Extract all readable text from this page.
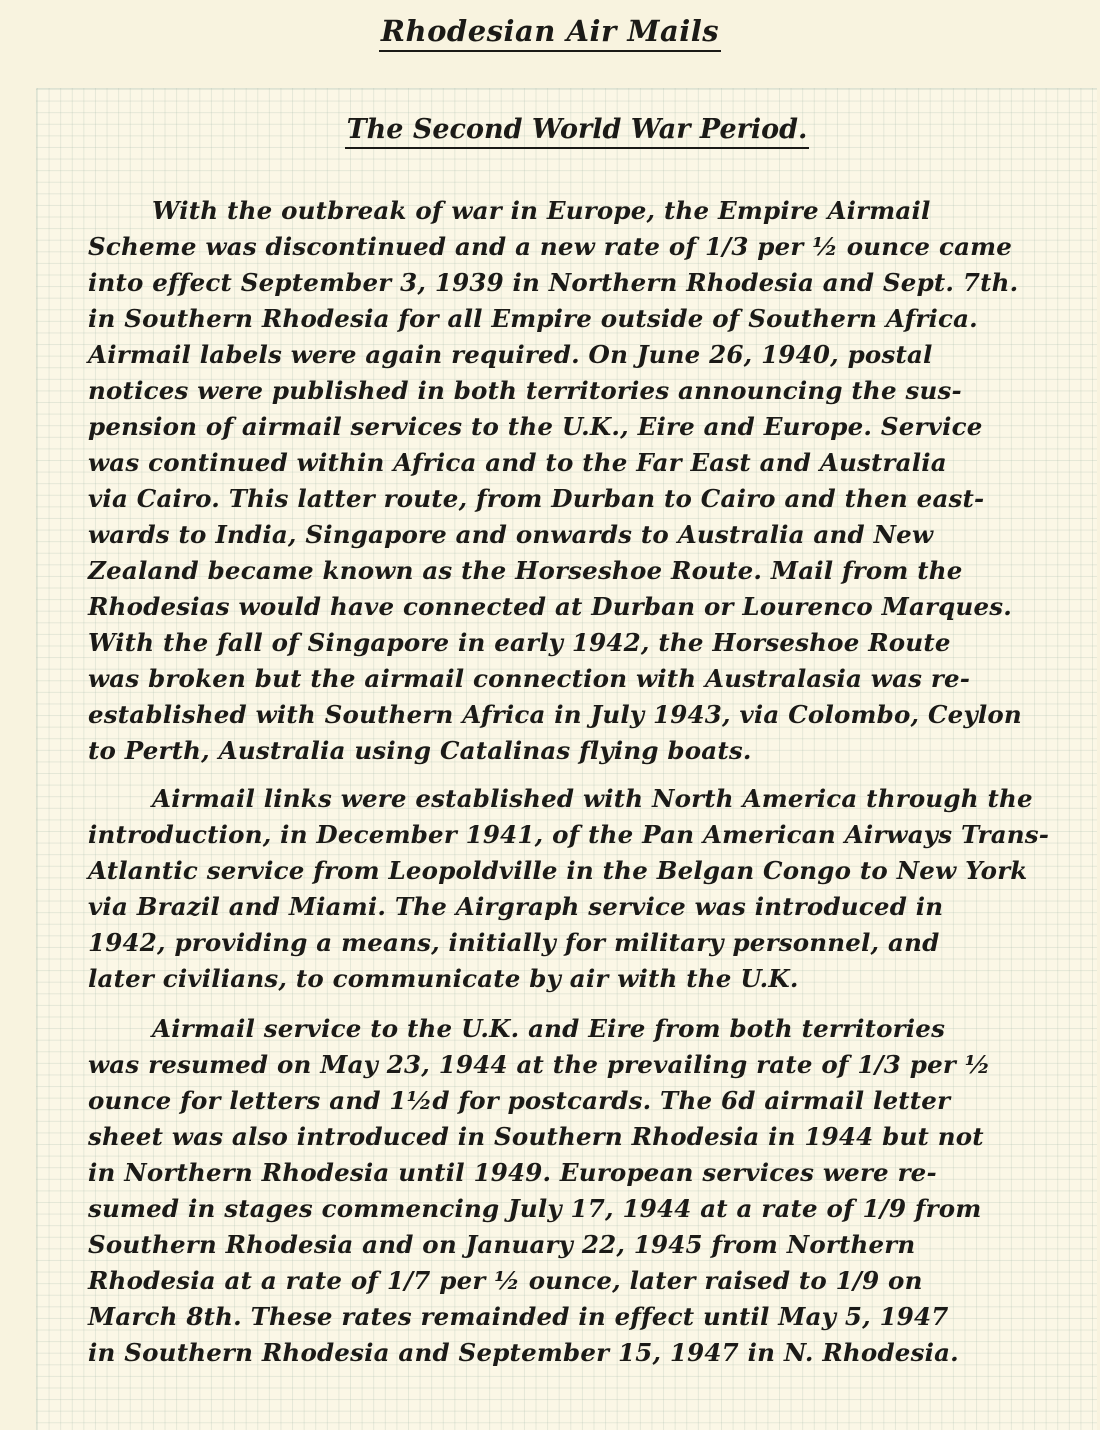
Rhodesian Air Mails
The Second World War Period.
With the outbreak of war in Europe, the Empire Airmail
Scheme was discontinued and a new rate of 1/3 per ½ ounce came
into effect September 3, 1939 in Northern Rhodesia and Sept. 7th.
in Southern Rhodesia for all Empire outside of Southern Africa.
Airmail labels were again required. On June 26, 1940, postal
notices were published in both territories announcing the sus-
pension of airmail services to the U.K., Eire and Europe. Service
was continued within Africa and to the Far East and Australia
via Cairo. This latter route, from Durban to Cairo and then east-
wards to India, Singapore and onwards to Australia and New
Zealand became known as the Horseshoe Route. Mail from the
Rhodesias would have connected at Durban or Lourenco Marques.
With the fall of Singapore in early 1942, the Horseshoe Route
was broken but the airmail connection with Australasia was re-
established with Southern Africa in July 1943, via Colombo, Ceylon
to Perth, Australia using Catalinas flying boats.
Airmail links were established with North America through the
introduction, in December 1941, of the Pan American Airways Trans-
Atlantic service from Leopoldville in the Belgan Congo to New York
via Brazil and Miami. The Airgraph service was introduced in
1942, providing a means, initially for military personnel, and
later civilians, to communicate by air with the U.K.
Airmail service to the U.K. and Eire from both territories
was resumed on May 23, 1944 at the prevailing rate of 1/3 per ½
ounce for letters and 1½d for postcards. The 6d airmail letter
sheet was also introduced in Southern Rhodesia in 1944 but not
in Northern Rhodesia until 1949. European services were re-
sumed in stages commencing July 17, 1944 at a rate of 1/9 from
Southern Rhodesia and on January 22, 1945 from Northern
Rhodesia at a rate of 1/7 per ½ ounce, later raised to 1/9 on
March 8th. These rates remainded in effect until May 5, 1947
in Southern Rhodesia and September 15, 1947 in N. Rhodesia.
